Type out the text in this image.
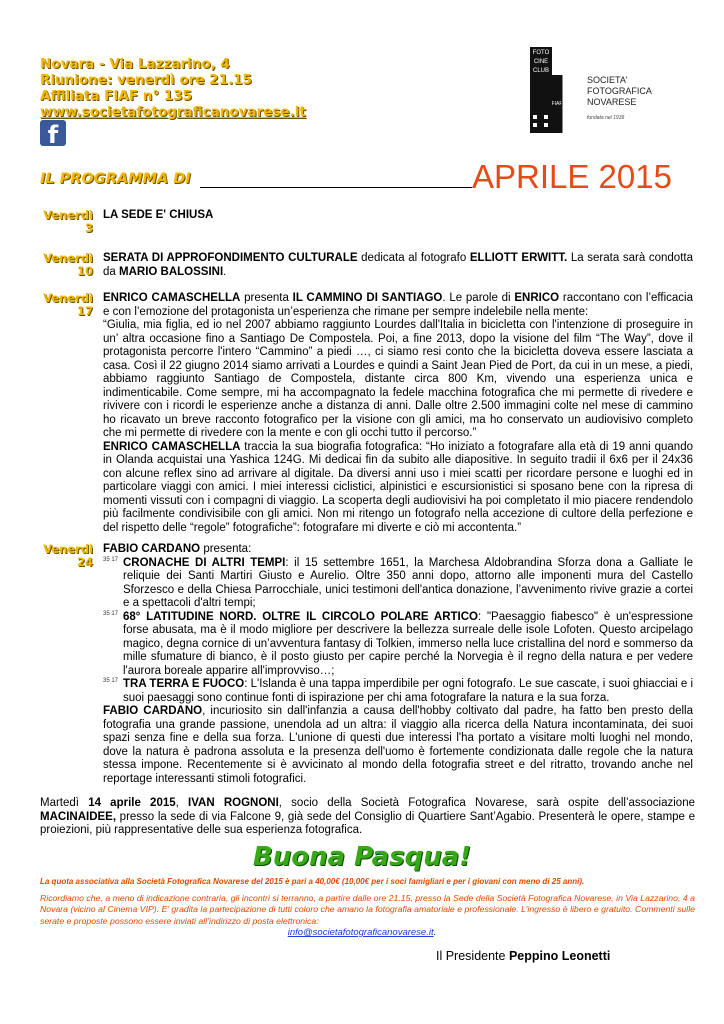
Novara - Via Lazzarino, 4
Riunione: venerdì ore 21.15
Affiliata FIAF n° 135
www.societafotograficanovarese.it
f
FOTO
CINE
CLUB
FIAF
SOCIETA'
FOTOGRAFICA
NOVARESE
fondata nel 1939
IL PROGRAMMA DI	APRILE 2015
Venerdì
3
LA SEDE E' CHIUSA
Venerdì
10
SERATA DI APPROFONDIMENTO CULTURALE dedicata al fotografo ELLIOTT ERWITT. La serata sarà condotta da MARIO BALOSSINI.
Venerdì
17

ENRICO CAMASCHELLA presenta IL CAMMINO DI SANTIAGO. Le parole di ENRICO raccontano con l’efficacia e con l’emozione del protagonista un’esperienza che rimane per sempre indelebile nella mente:

“Giulia, mia figlia, ed io nel 2007 abbiamo raggiunto Lourdes dall'Italia in bicicletta con l'intenzione di proseguire in un’ altra occasione fino a Santiago De Compostela. Poi, a fine 2013, dopo la visione del film “The Way”, dove il protagonista percorre l'intero “Cammino” a piedi …, ci siamo resi conto che la bicicletta doveva essere lasciata a casa. Così il 22 giugno 2014 siamo arrivati a Lourdes e quindi a Saint Jean Pied de Port, da cui in un mese, a piedi, abbiamo raggiunto Santiago de Compostela, distante circa 800 Km, vivendo una esperienza unica e indimenticabile. Come sempre, mi ha accompagnato la fedele macchina fotografica che mi permette di rivedere e rivivere con i ricordi le esperienze anche a distanza di anni. Dalle oltre 2.500 immagini colte nel mese di cammino ho ricavato un breve racconto fotografico per la visione con gli amici, ma ho conservato un audiovisivo completo che mi permette di rivedere con la mente e con gli occhi tutto il percorso.”

ENRICO CAMASCHELLA traccia la sua biografia fotografica: “Ho iniziato a fotografare alla età di 19 anni quando in Olanda acquistai una Yashica 124G. Mi dedicai fin da subito alle diapositive. In seguito tradii il 6x6 per il 24x36 con alcune reflex sino ad arrivare al digitale. Da diversi anni uso i miei scatti per ricordare persone e luoghi ed in particolare viaggi con amici. I miei interessi ciclistici, alpinistici e escursionistici si sposano bene con la ripresa di momenti vissuti con i compagni di viaggio. La scoperta degli audiovisivi ha poi completato il mio piacere rendendolo più facilmente condivisibile con gli amici. Non mi ritengo un fotografo nella accezione di cultore della perfezione e del rispetto delle “regole” fotografiche”: fotografare mi diverte e ciò mi accontenta.”

Venerdì
24

FABIO CARDANO presenta:

35 17 CRONACHE DI ALTRI TEMPI: il 15 settembre 1651, la Marchesa Aldobrandina Sforza dona a Galliate le reliquie dei Santi Martiri Giusto e Aurelio. Oltre 350 anni dopo, attorno alle imponenti mura del Castello Sforzesco e della Chiesa Parrocchiale, unici testimoni dell'antica donazione, l’avvenimento rivive grazie a cortei e a spettacoli d'altri tempi;
35 17 68° LATITUDINE NORD. OLTRE IL CIRCOLO POLARE ARTICO: "Paesaggio fiabesco" è un'espressione forse abusata, ma è il modo migliore per descrivere la bellezza surreale delle isole Lofoten. Questo arcipelago magico, degna cornice di un’avventura fantasy di Tolkien, immerso nella luce cristallina del nord e sommerso da mille sfumature di bianco, è il posto giusto per capire perché la Norvegia è il regno della natura e per vedere l'aurora boreale apparire all'improvviso…;
35 17 TRA TERRA E FUOCO: L'Islanda è una tappa imperdibile per ogni fotografo. Le sue cascate, i suoi ghiacciai e i suoi paesaggi sono continue fonti di ispirazione per chi ama fotografare la natura e la sua forza.

FABIO CARDANO, incuriosito sin dall'infanzia a causa dell'hobby coltivato dal padre, ha fatto ben presto della fotografia una grande passione, unendola ad un altra: il viaggio alla ricerca della Natura incontaminata, dei suoi spazi senza fine e della sua forza. L'unione di questi due interessi l'ha portato a visitare molti luoghi nel mondo, dove la natura è padrona assoluta e la presenza dell'uomo è fortemente condizionata dalle regole che la natura stessa impone. Recentemente si è avvicinato al mondo della fotografia street e del ritratto, trovando anche nel reportage interessanti stimoli fotografici.

Martedì 14 aprile 2015, IVAN ROGNONI, socio della Società Fotografica Novarese, sarà ospite dell’associazione MACINAIDEE, presso la sede di via Falcone 9, già sede del Consiglio di Quartiere Sant’Agabio. Presenterà le opere, stampe e proiezioni, più rappresentative delle sua esperienza fotografica.
Buona Pasqua!
La quota associativa alla Società Fotografica Novarese del 2015 è pari a 40,00€ (10,00€ per i soci famigliari e per i giovani con meno di 25 anni).
Ricordiamo che, a meno di indicazione contraria, gli incontri si terranno, a partire dalle ore 21.15, presso la Sede della Società Fotografica Novarese, in Via Lazzarino, 4 a Novara (vicino al Cinema VIP). E’ gradita la partecipazione di tutti coloro che amano la fotografia amatoriale e professionale. L’ingresso è libero e gratuito. Commenti sulle serate e proposte possono essere inviati all’indirizzo di posta elettronica:
info@societafotograficanovarese.it.
Il Presidente Peppino Leonetti
